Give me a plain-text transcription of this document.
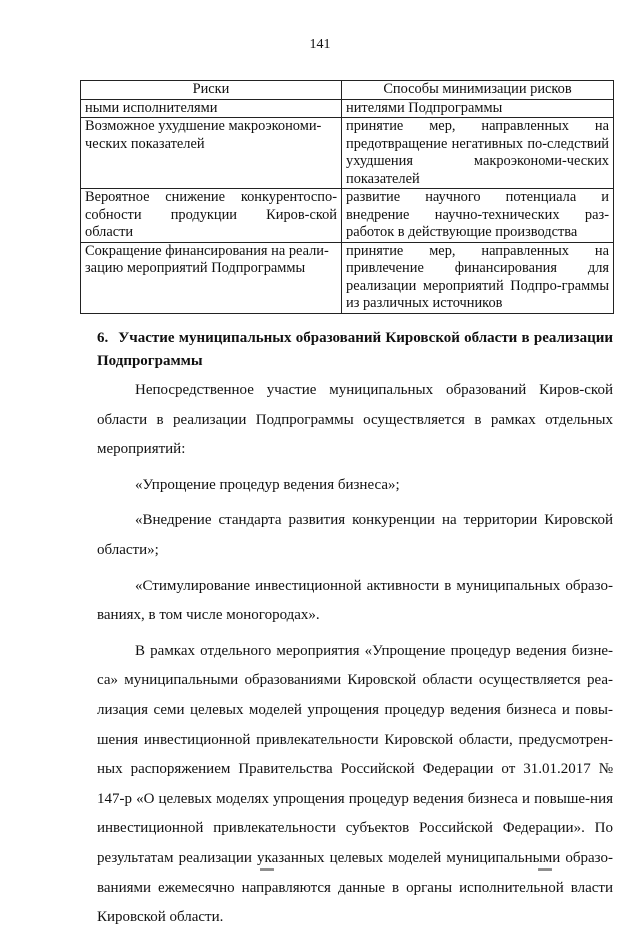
141
Риски	Способы минимизации рисков
ными исполнителями	нителями Подпрограммы
Возможное ухудшение макроэкономи-ческих показателей	принятие мер, направленных на предотвращение негативных по-следствий ухудшения макроэкономи-ческих показателей
Вероятное снижение конкурентоспо-собности продукции Киров-ской области	развитие научного потенциала и внедрение научно-технических раз-работок в действующие производства
Сокращение финансирования на реали-зацию мероприятий Подпрограммы	принятие мер, направленных на привлечение финансирования для реализации мероприятий Подпро-граммы из различных источников
6. Участие муниципальных образований Кировской области в реализации Подпрограммы

Непосредственное участие муниципальных образований Киров-ской области в реализации Подпрограммы осуществляется в рамках отдельных мероприятий:

«Упрощение процедур ведения бизнеса»;

«Внедрение стандарта развития конкуренции на территории Кировской области»;

«Стимулирование инвестиционной активности в муниципальных образо-ваниях, в том числе моногородах».

В рамках отдельного мероприятия «Упрощение процедур ведения бизне-са» муниципальными образованиями Кировской области осуществляется реа-лизация семи целевых моделей упрощения процедур ведения бизнеса и повы-шения инвестиционной привлекательности Кировской области, предусмотрен-ных распоряжением Правительства Российской Федерации от 31.01.2017 № 147-р «О целевых моделях упрощения процедур ведения бизнеса и повыше-ния инвестиционной привлекательности субъектов Российской Федерации». По результатам реализации указанных целевых моделей муниципальными образо-ваниями ежемесячно направляются данные в органы исполнительной власти Кировской области.
